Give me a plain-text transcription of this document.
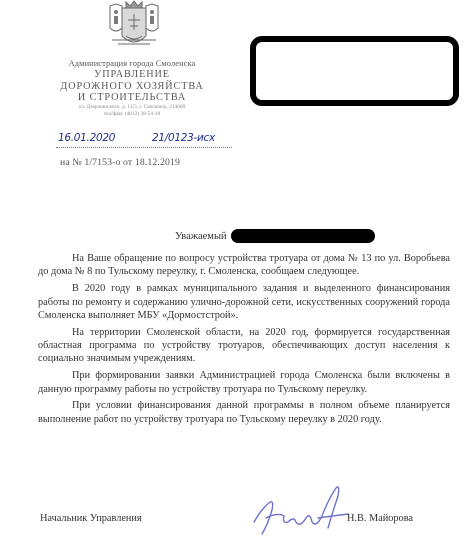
Администрация города Смоленска
УПРАВЛЕНИЕ
ДОРОЖНОГО ХОЗЯЙСТВА
И СТРОИТЕЛЬСТВА
ул. Дзержинского, д. 11/5, г. Смоленск, 214000
тел/факс (4812) 38-54-10
16.01.2020	21/0123-исх
на № 1/7153-о от 18.12.2019
Уважаемый

На Ваше обращение по вопросу устройства тротуара от дома № 13 по ул. Воробьева до дома № 8 по Тульскому переулку, г. Смоленска, сообщаем следующее.

В 2020 году в рамках муниципального задания и выделенного финансирования работы по ремонту и содержанию улично-дорожной сети, искусственных сооружений города Смоленска выполняет МБУ «Дормостстрой».

На территории Смоленской области, на 2020 год, формируется государственная областная программа по устройству тротуаров, обеспечивающих доступ населения к социально значимым учреждениям.

При формировании заявки Администрацией города Смоленска были включены в данную программу работы по устройству тротуара по Тульскому переулку.

При условии финансирования данной программы в полном объеме планируется выполнение работ по устройству тротуара по Тульскому переулку в 2020 году.

Начальник Управления	Н.В. Майорова
